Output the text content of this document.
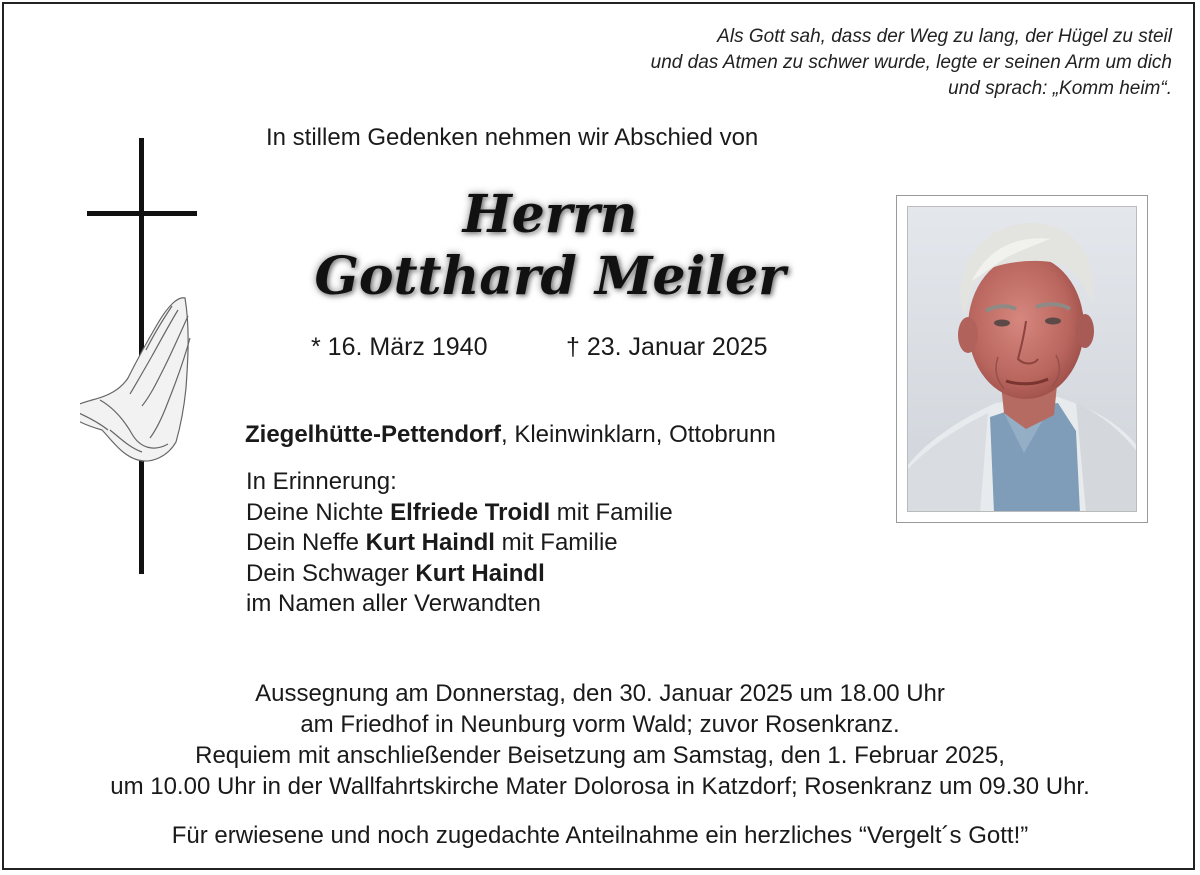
Als Gott sah, dass der Weg zu lang, der Hügel zu steil
und das Atmen zu schwer wurde, legte er seinen Arm um dich
und sprach: „Komm heim“.
In stillem Gedenken nehmen wir Abschied von
Herrn
Gotthard Meiler
* 16. März 1940	† 23. Januar 2025
Ziegelhütte-Pettendorf, Kleinwinklarn, Ottobrunn
In Erinnerung:
Deine Nichte Elfriede Troidl mit Familie
Dein Neffe Kurt Haindl mit Familie
Dein Schwager Kurt Haindl
im Namen aller Verwandten
Aussegnung am Donnerstag, den 30. Januar 2025 um 18.00 Uhr
am Friedhof in Neunburg vorm Wald; zuvor Rosenkranz.
Requiem mit anschließender Beisetzung am Samstag, den 1. Februar 2025,
um 10.00 Uhr in der Wallfahrtskirche Mater Dolorosa in Katzdorf; Rosenkranz um 09.30 Uhr.
Für erwiesene und noch zugedachte Anteilnahme ein herzliches “Vergelt´s Gott!”
